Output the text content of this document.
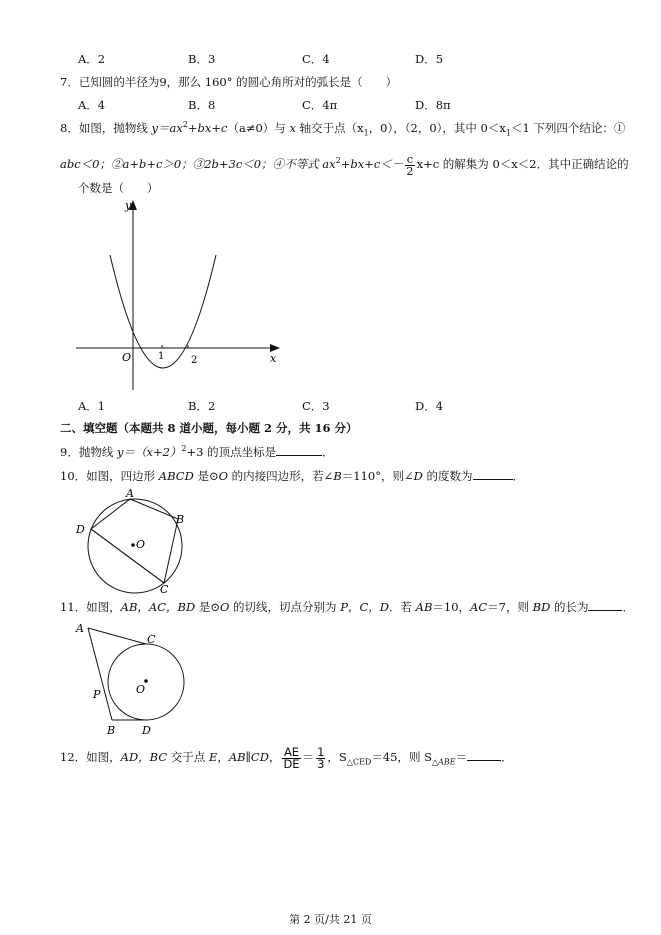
A．2	B．3	C．4	D．5
7．已知圆的半径为9，那么 160° 的圆心角所对的弧长是（　　）
A．4	B．8	C．4π	D．8π
8．如图，抛物线 $y=ax^2+bx+c(a\ne 0)$与 x 轴交于点（$x_1$，0），（2，0），其中 $0<x_1<1$ 下列四个结论：①
abc＜0；②a+b+c＞0；③2b+3c＜0；④不等式 $ax^2+bx+c<- \frac{c}{2} x+c$ 的解集为 0＜x＜2．其中正确结论的
个数是（　　）
y
x
O	1	2
A．1	B．2	C．3	D．4
二、填空题（本题共 8 道小题，每小题 2 分，共 16 分）
9．抛物线 $y=(x+2)^2+3$ 的顶点坐标是	．
10．如图，四边形 ABCD 是⊙O 的内接四边形，若∠B＝110°，则∠D 的度数为	．
A
B
C
D
O
11．如图，AB，AC，BD 是⊙O 的切线，切点分别为 P，C，D．若 AB＝10，AC＝7，则 BD 的长为	．
A
C
P	O
B D
12．如图，AD，BC 交于点 E，AB∥CD， $\frac{AE}{DE} = \frac{1}{3}$ ，$S_{\triangle CED}=45$，则 $S_{\triangle ABE}=$	．
第 2 页/共 21 页
